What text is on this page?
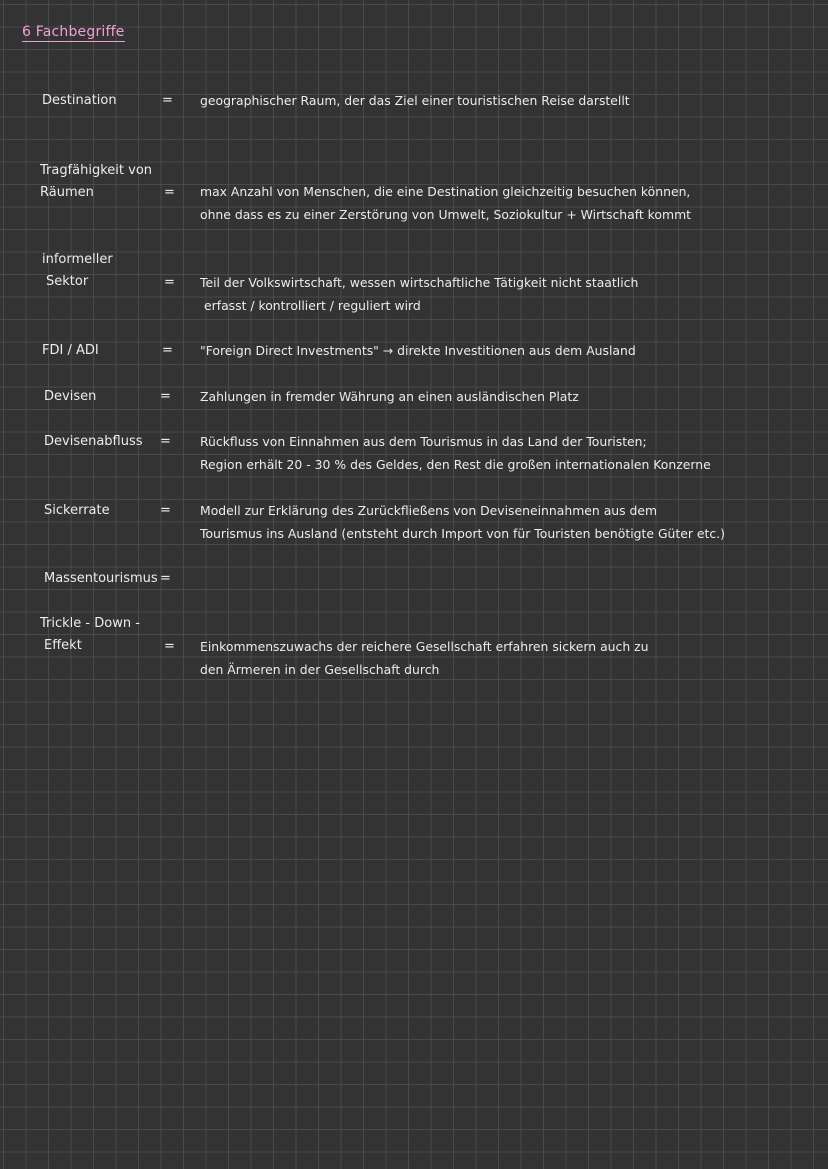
6 Fachbegriffe
Destination	= geographischer Raum, der das Ziel einer touristischen Reise darstellt
Tragfähigkeit von
Räumen	= max Anzahl von Menschen, die eine Destination gleichzeitig besuchen können,
ohne dass es zu einer Zerstörung von Umwelt, Soziokultur + Wirtschaft kommt
informeller
Sektor	= Teil der Volkswirtschaft, wessen wirtschaftliche Tätigkeit nicht staatlich
erfasst / kontrolliert / reguliert wird
FDI / ADI	= "Foreign Direct Investments" → direkte Investitionen aus dem Ausland
Devisen	= Zahlungen in fremder Währung an einen ausländischen Platz
Devisenabfluss = Rückfluss von Einnahmen aus dem Tourismus in das Land der Touristen;
Region erhält 20 - 30 % des Geldes, den Rest die großen internationalen Konzerne
Sickerrate	= Modell zur Erklärung des Zurückfließens von Deviseneinnahmen aus dem
Tourismus ins Ausland (entsteht durch Import von für Touristen benötigte Güter etc.)
Massentourismus =
Trickle - Down -
Effekt	= Einkommenszuwachs der reichere Gesellschaft erfahren sickern auch zu
den Ärmeren in der Gesellschaft durch
